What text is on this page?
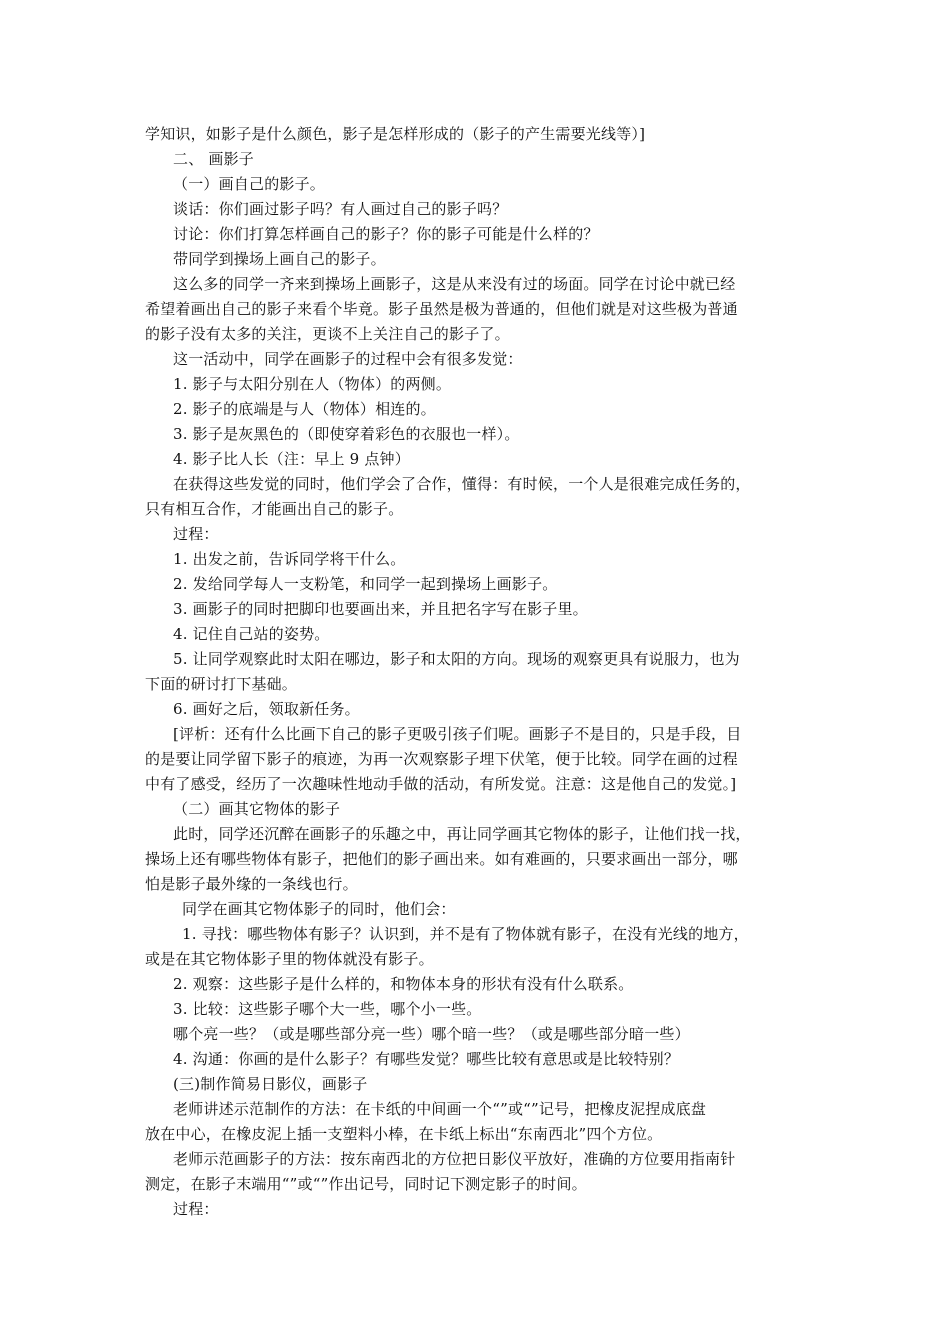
学知识，如影子是什么颜色，影子是怎样形成的（影子的产生需要光线等）]
二、 画影子
（一）画自己的影子。
谈话：你们画过影子吗？有人画过自己的影子吗？
讨论：你们打算怎样画自己的影子？你的影子可能是什么样的？
带同学到操场上画自己的影子。
这么多的同学一齐来到操场上画影子，这是从来没有过的场面。同学在讨论中就已经
希望着画出自己的影子来看个毕竟。影子虽然是极为普通的，但他们就是对这些极为普通
的影子没有太多的关注，更谈不上关注自己的影子了。
这一活动中，同学在画影子的过程中会有很多发觉：
1. 影子与太阳分别在人（物体）的两侧。
2. 影子的底端是与人（物体）相连的。
3. 影子是灰黑色的（即使穿着彩色的衣服也一样）。
4. 影子比人长（注：早上 9 点钟）
在获得这些发觉的同时，他们学会了合作，懂得：有时候，一个人是很难完成任务的，
只有相互合作，才能画出自己的影子。
过程：
1. 出发之前，告诉同学将干什么。
2. 发给同学每人一支粉笔，和同学一起到操场上画影子。
3. 画影子的同时把脚印也要画出来，并且把名字写在影子里。
4. 记住自己站的姿势。
5. 让同学观察此时太阳在哪边，影子和太阳的方向。现场的观察更具有说服力，也为
下面的研讨打下基础。
6. 画好之后，领取新任务。
[评析：还有什么比画下自己的影子更吸引孩子们呢。画影子不是目的，只是手段，目
的是要让同学留下影子的痕迹，为再一次观察影子埋下伏笔，便于比较。同学在画的过程
中有了感受，经历了一次趣味性地动手做的活动，有所发觉。注意：这是他自己的发觉。]
（二）画其它物体的影子
此时，同学还沉醉在画影子的乐趣之中，再让同学画其它物体的影子，让他们找一找，
操场上还有哪些物体有影子，把他们的影子画出来。如有难画的，只要求画出一部分，哪
怕是影子最外缘的一条线也行。
同学在画其它物体影子的同时，他们会：
1. 寻找：哪些物体有影子？认识到，并不是有了物体就有影子，在没有光线的地方，
或是在其它物体影子里的物体就没有影子。
2. 观察：这些影子是什么样的，和物体本身的形状有没有什么联系。
3. 比较：这些影子哪个大一些，哪个小一些。
哪个亮一些？（或是哪些部分亮一些）哪个暗一些？（或是哪些部分暗一些）
4. 沟通：你画的是什么影子？有哪些发觉？哪些比较有意思或是比较特别？
(三)制作简易日影仪，画影子
老师讲述示范制作的方法：在卡纸的中间画一个“”或“”记号，把橡皮泥捏成底盘
放在中心，在橡皮泥上插一支塑料小棒，在卡纸上标出“东南西北”四个方位。
老师示范画影子的方法：按东南西北的方位把日影仪平放好，准确的方位要用指南针
测定，在影子末端用“”或“”作出记号，同时记下测定影子的时间。
过程：
